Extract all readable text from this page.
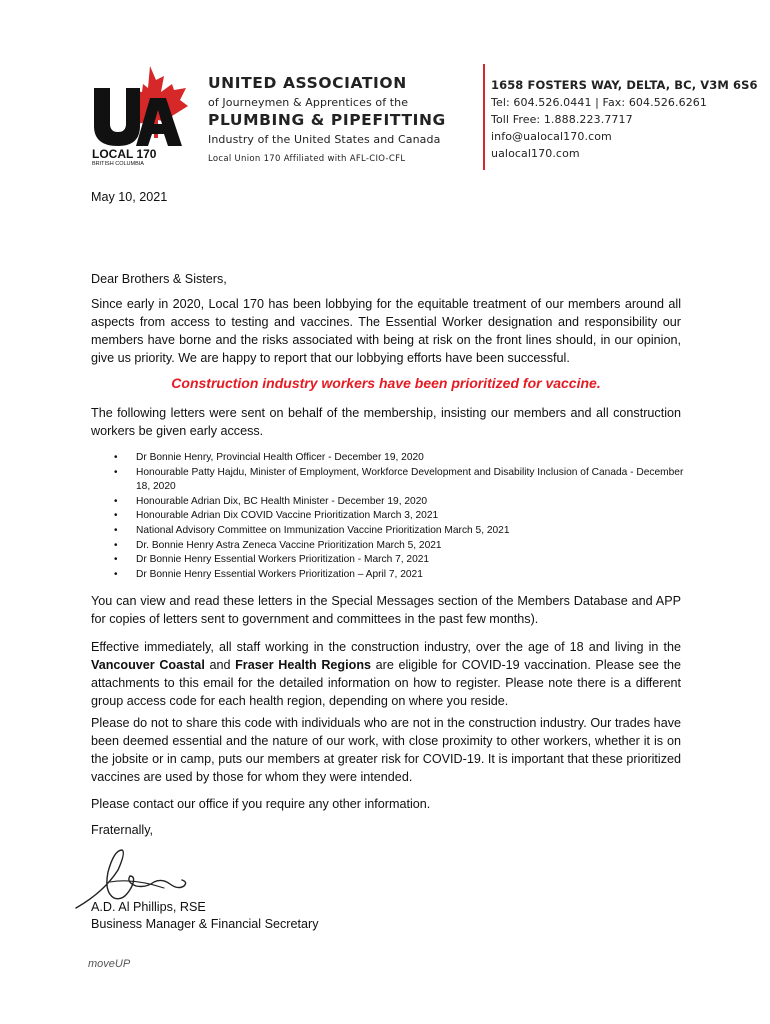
LOCAL 170
BRITISH COLUMBIA
UNITED ASSOCIATION
of Journeymen & Apprentices of the
PLUMBING & PIPEFITTING
Industry of the United States and Canada
Local Union 170 Affiliated with AFL-CIO-CFL
1658 FOSTERS WAY, DELTA, BC, V3M 6S6
Tel: 604.526.0441 | Fax: 604.526.6261
Toll Free: 1.888.223.7717
info@ualocal170.com
ualocal170.com
May 10, 2021
Dear Brothers & Sisters,
Since early in 2020, Local 170 has been lobbying for the equitable treatment of our members around all aspects from access to testing and vaccines. The Essential Worker designation and responsibility our members have borne and the risks associated with being at risk on the front lines should, in our opinion, give us priority. We are happy to report that our lobbying efforts have been successful.
Construction industry workers have been prioritized for vaccine.
The following letters were sent on behalf of the membership, insisting our members and all construction workers be given early access.
• Dr Bonnie Henry, Provincial Health Officer - December 19, 2020
• Honourable Patty Hajdu, Minister of Employment, Workforce Development and Disability Inclusion of Canada - December 18, 2020
• Honourable Adrian Dix, BC Health Minister - December 19, 2020
• Honourable Adrian Dix COVID Vaccine Prioritization March 3, 2021
• National Advisory Committee on Immunization Vaccine Prioritization March 5, 2021
• Dr. Bonnie Henry Astra Zeneca Vaccine Prioritization March 5, 2021
• Dr Bonnie Henry Essential Workers Prioritization - March 7, 2021
• Dr Bonnie Henry Essential Workers Prioritization – April 7, 2021
You can view and read these letters in the Special Messages section of the Members Database and APP for copies of letters sent to government and committees in the past few months).
Effective immediately, all staff working in the construction industry, over the age of 18 and living in the Vancouver Coastal and Fraser Health Regions are eligible for COVID-19 vaccination. Please see the attachments to this email for the detailed information on how to register. Please note there is a different group access code for each health region, depending on where you reside.
Please do not to share this code with individuals who are not in the construction industry. Our trades have been deemed essential and the nature of our work, with close proximity to other workers, whether it is on the jobsite or in camp, puts our members at greater risk for COVID-19. It is important that these prioritized vaccines are used by those for whom they were intended.
Please contact our office if you require any other information.
Fraternally,
A.D. Al Phillips, RSE
Business Manager & Financial Secretary
moveUP
